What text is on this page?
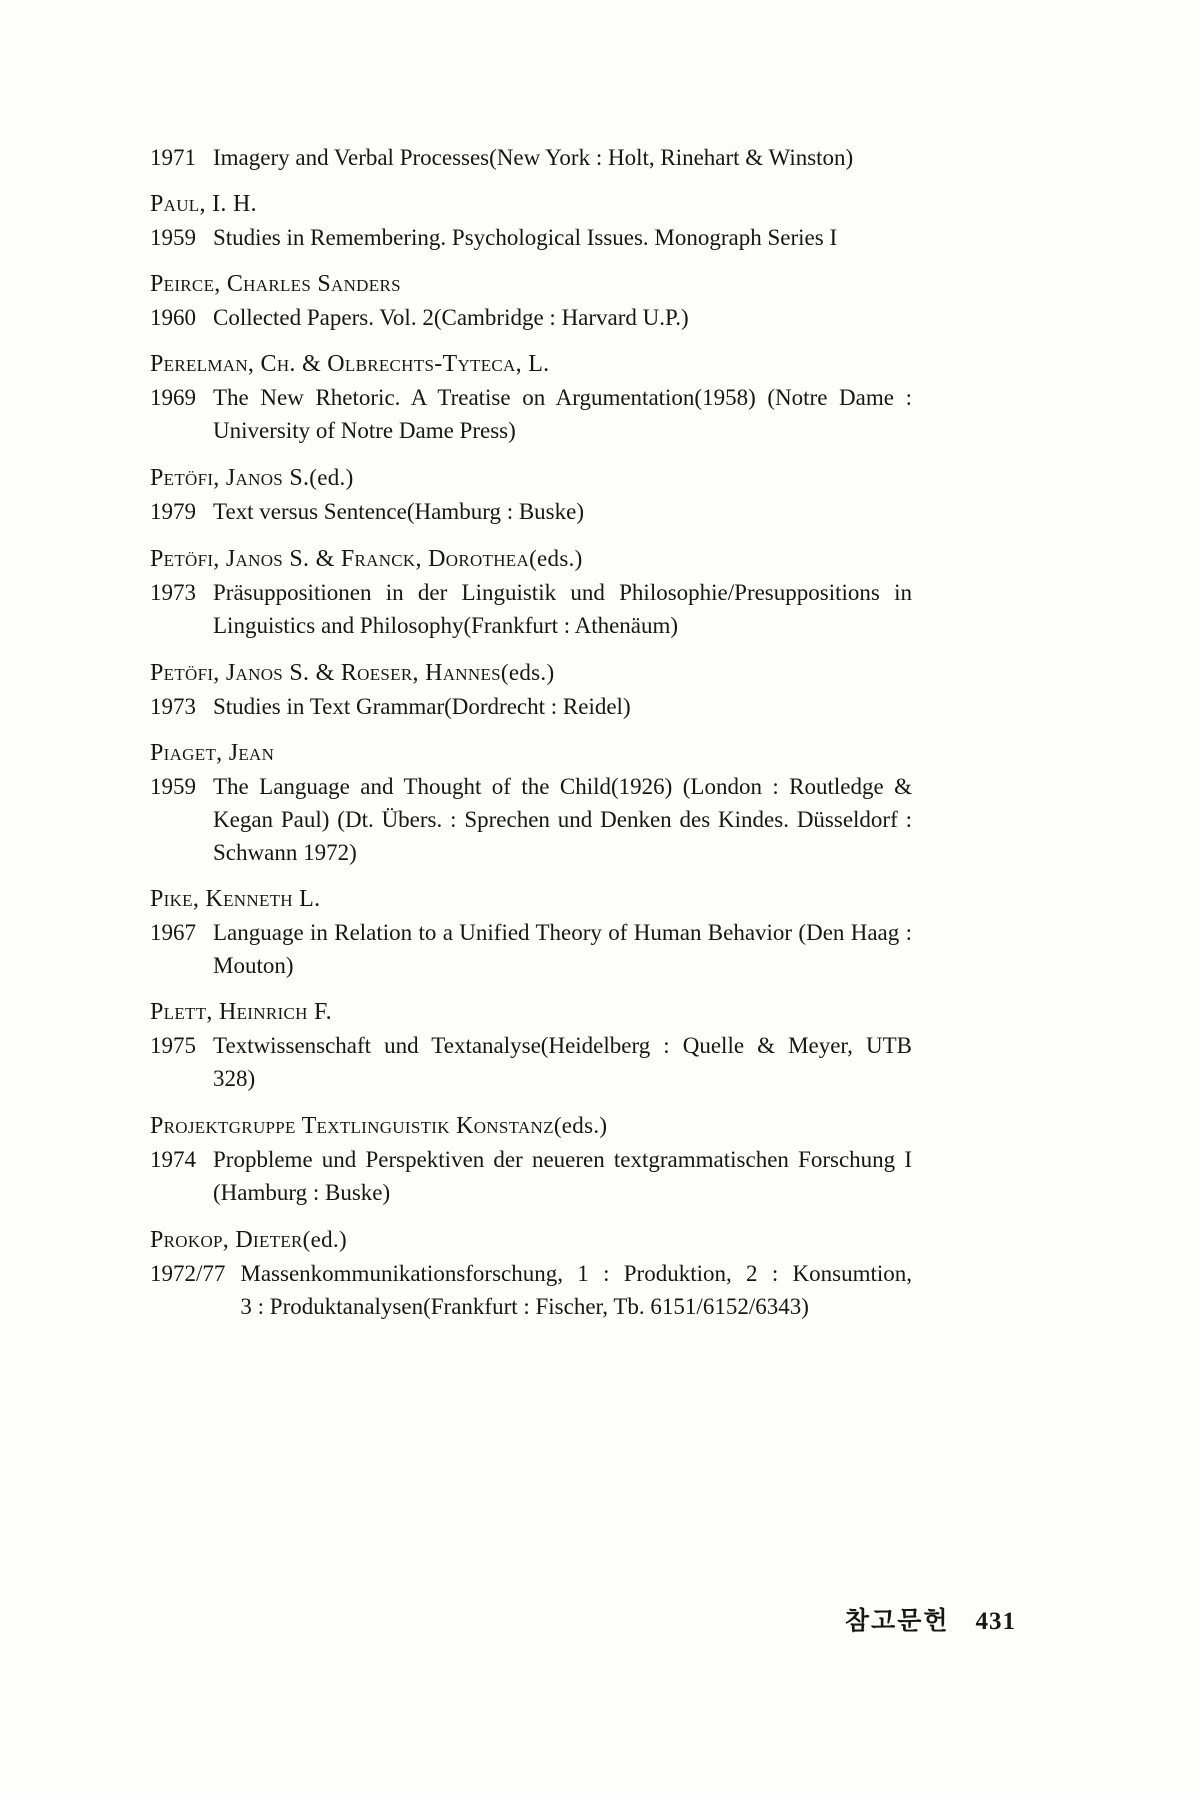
1971 Imagery and Verbal Processes(New York : Holt, Rinehart & Winston)
Paul, I. H.
1959 Studies in Remembering. Psychological Issues. Monograph Series I
Peirce, Charles Sanders
1960 Collected Papers. Vol. 2(Cambridge : Harvard U.P.)
Perelman, Ch. & Olbrechts-Tyteca, L.
1969 The New Rhetoric. A Treatise on Argumentation(1958) (Notre Dame :
University of Notre Dame Press)
Petöfi, Janos S.(ed.)
1979 Text versus Sentence(Hamburg : Buske)
Petöfi, Janos S. & Franck, Dorothea(eds.)
1973 Präsuppositionen in der Linguistik und Philosophie/Presuppositions in
Linguistics and Philosophy(Frankfurt : Athenäum)
Petöfi, Janos S. & Roeser, Hannes(eds.)
1973 Studies in Text Grammar(Dordrecht : Reidel)
Piaget, Jean
1959 The Language and Thought of the Child(1926) (London : Routledge &
Kegan Paul) (Dt. Übers. : Sprechen und Denken des Kindes. Düsseldorf :
Schwann 1972)
Pike, Kenneth L.
1967 Language in Relation to a Unified Theory of Human Behavior (Den Haag :
Mouton)
Plett, Heinrich F.
1975 Textwissenschaft und Textanalyse(Heidelberg : Quelle & Meyer, UTB
328)
Projektgruppe Textlinguistik Konstanz(eds.)
1974 Propbleme und Perspektiven der neueren textgrammatischen Forschung I
(Hamburg : Buske)
Prokop, Dieter(ed.)
1972/77 Massenkommunikationsforschung, 1 : Produktion, 2 : Konsumtion,
3 : Produktanalysen(Frankfurt : Fischer, Tb. 6151/6152/6343)
참고문헌 431
